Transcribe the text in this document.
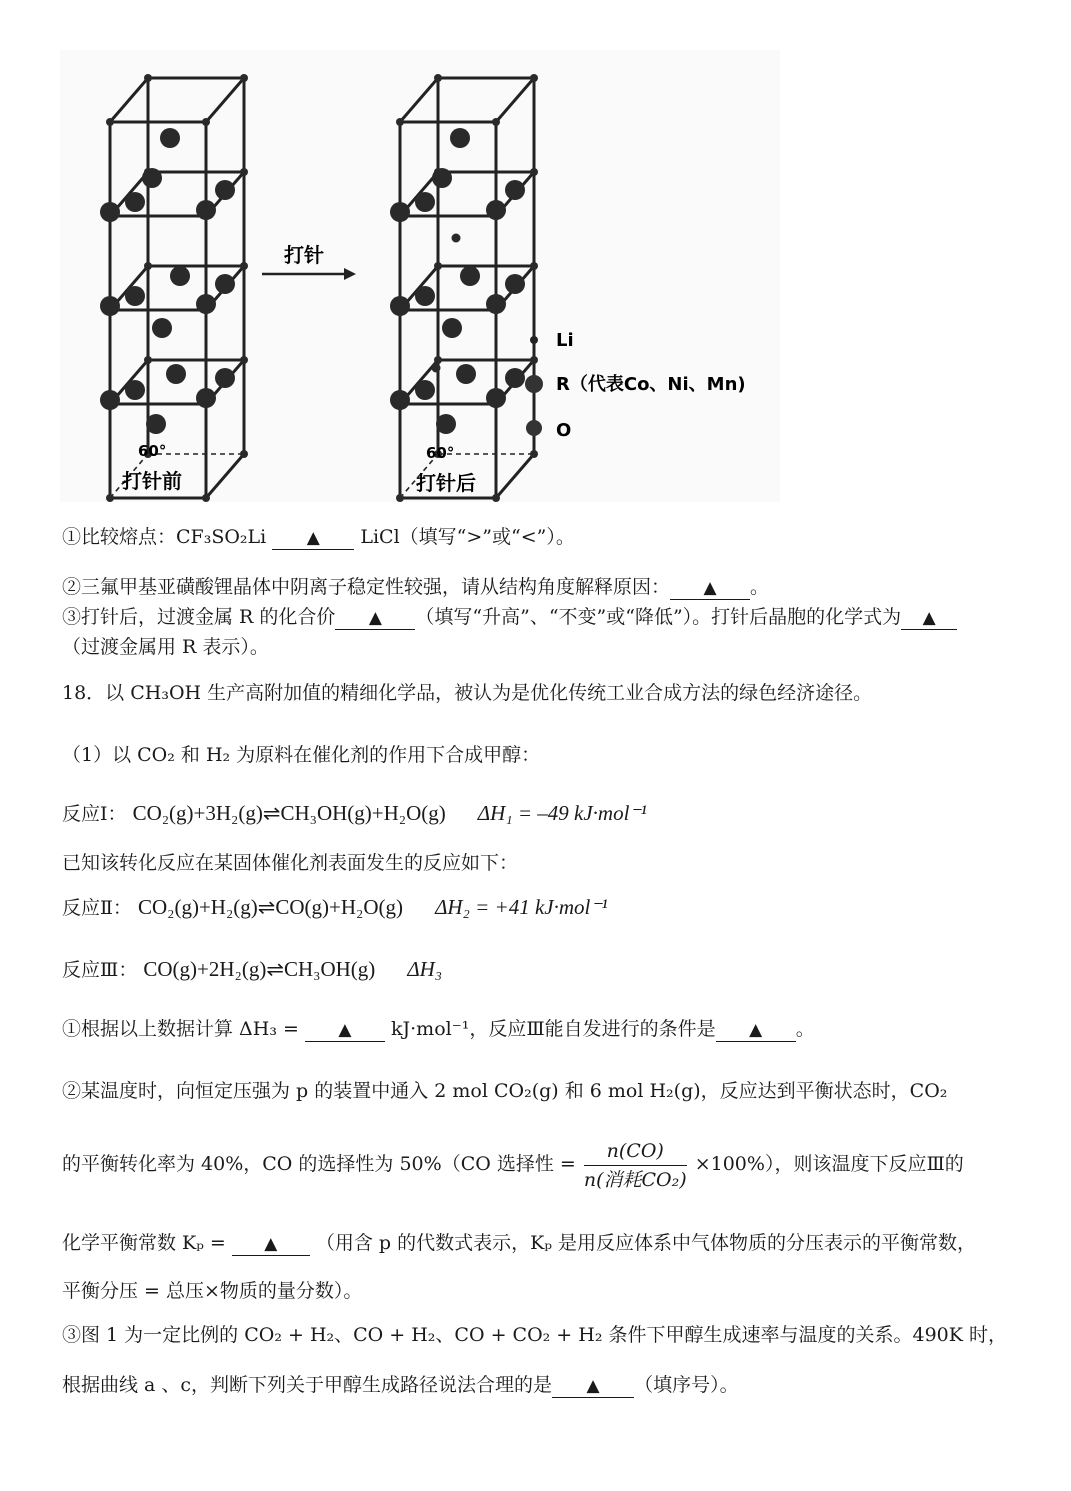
打针
打针前	打针后
60°	60°
Li
R（代表Co、Ni、Mn)
O
①比较熔点：CF₃SO₂Li ▲ LiCl（填写“>”或“<”）。
②三氟甲基亚磺酸锂晶体中阴离子稳定性较强，请从结构角度解释原因： ▲ 。
③打针后，过渡金属 R 的化合价 ▲ （填写“升高”、“不变”或“降低”）。打针后晶胞的化学式为 ▲
（过渡金属用 R 表示）。
18．以 CH₃OH 生产高附加值的精细化学品，被认为是优化传统工业合成方法的绿色经济途径。
（1）以 CO₂ 和 H₂ 为原料在催化剂的作用下合成甲醇：
反应Ⅰ： CO₂(g)+3H₂(g)⇌CH₃OH(g)+H₂O(g) ΔH₁ = –49 kJ·mol⁻¹
已知该转化反应在某固体催化剂表面发生的反应如下：
反应Ⅱ： CO₂(g)+H₂(g)⇌CO(g)+H₂O(g) ΔH₂ = +41 kJ·mol⁻¹
反应Ⅲ： CO(g)+2H₂(g)⇌CH₃OH(g) ΔH₃
①根据以上数据计算 ΔH₃ = ▲ kJ·mol⁻¹，反应Ⅲ能自发进行的条件是 ▲ 。
②某温度时，向恒定压强为 p 的装置中通入 2 mol CO₂(g) 和 6 mol H₂(g)，反应达到平衡状态时，CO₂
的平衡转化率为 40%，CO 的选择性为 50%（CO 选择性 = $\frac{n(CO)}{\text{n(消耗CO₂)}} \times 100\%$），则该温度下反应Ⅲ的
化学平衡常数 Kₚ = ▲ （用含 p 的代数式表示，Kₚ 是用反应体系中气体物质的分压表示的平衡常数，
平衡分压 = 总压×物质的量分数）。
③图 1 为一定比例的 CO₂ + H₂、CO + H₂、CO + CO₂ + H₂ 条件下甲醇生成速率与温度的关系。490K 时，
根据曲线 a 、c，判断下列关于甲醇生成路径说法合理的是 ▲ （填序号）。
